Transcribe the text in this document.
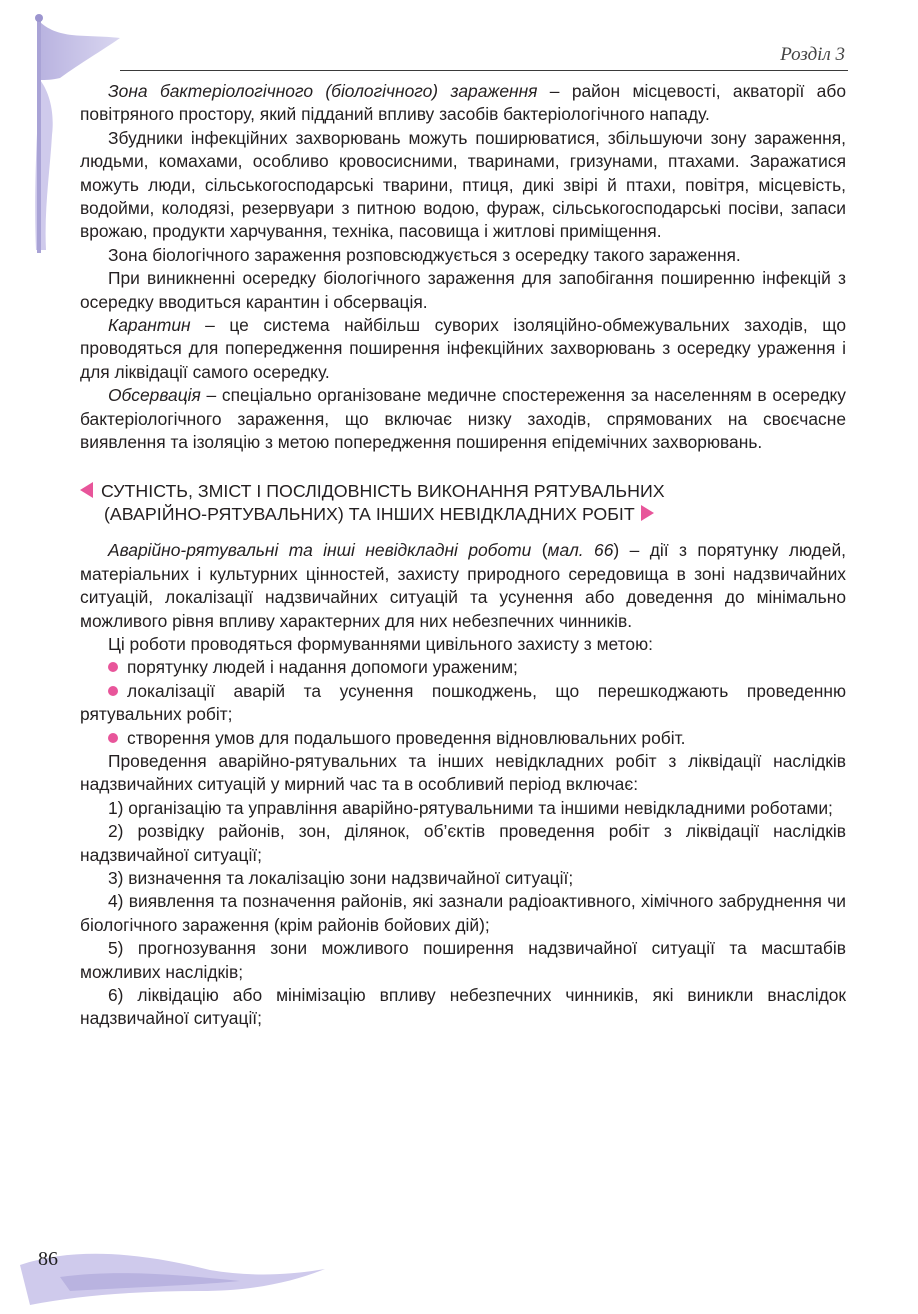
Розділ 3

Зона бактеріологічного (біологічного) зараження – район місцевості, акваторії або повітряного простору, який підданий впливу засобів бактеріологічного нападу.

Збудники інфекційних захворювань можуть поширюватися, збільшуючи зону зараження, людьми, комахами, особливо кровосисними, тваринами, гризунами, птахами. Заражатися можуть люди, сільськогосподарські тварини, птиця, дикі звірі й птахи, повітря, місцевість, водойми, колодязі, резервуари з питною водою, фураж, сільськогосподарські посіви, запаси врожаю, продукти харчування, техніка, пасовища і житлові приміщення.

Зона біологічного зараження розповсюджується з осередку такого зараження.

При виникненні осередку біологічного зараження для запобігання поширенню інфекцій з осередку вводиться карантин і обсервація.

Карантин – це система найбільш суворих ізоляційно-обмежувальних заходів, що проводяться для попередження поширення інфекційних захворювань з осередку ураження і для ліквідації самого осередку.

Обсервація – спеціально організоване медичне спостереження за населенням в осередку бактеріологічного зараження, що включає низку заходів, спрямованих на своєчасне виявлення та ізоляцію з метою попередження поширення епідемічних захворювань.

СУТНІСТЬ, ЗМІСТ І ПОСЛІДОВНІСТЬ ВИКОНАННЯ РЯТУВАЛЬНИХ
(АВАРІЙНО-РЯТУВАЛЬНИХ) ТА ІНШИХ НЕВІДКЛАДНИХ РОБІТ

Аварійно-рятувальні та інші невідкладні роботи (мал. 66) – дії з порятунку людей, матеріальних і культурних цінностей, захисту природного середовища в зоні надзвичайних ситуацій, локалізації надзвичайних ситуацій та усунення або доведення до мінімально можливого рівня впливу характерних для них небезпечних чинників.

Ці роботи проводяться формуваннями цивільного захисту з метою:

порятунку людей і надання допомоги ураженим;

локалізації аварій та усунення пошкоджень, що перешкоджають проведенню рятувальних робіт;

створення умов для подальшого проведення відновлювальних робіт.

Проведення аварійно-рятувальних та інших невідкладних робіт з ліквідації наслідків надзвичайних ситуацій у мирний час та в особливий період включає:

1) організацію та управління аварійно-рятувальними та іншими невідкладними роботами;

2) розвідку районів, зон, ділянок, об’єктів проведення робіт з ліквідації наслідків надзвичайної ситуації;

3) визначення та локалізацію зони надзвичайної ситуації;

4) виявлення та позначення районів, які зазнали радіоактивного, хімічного забруднення чи біологічного зараження (крім районів бойових дій);

5) прогнозування зони можливого поширення надзвичайної ситуації та масштабів можливих наслідків;

6) ліквідацію або мінімізацію впливу небезпечних чинників, які виникли внаслідок надзвичайної ситуації;

86
